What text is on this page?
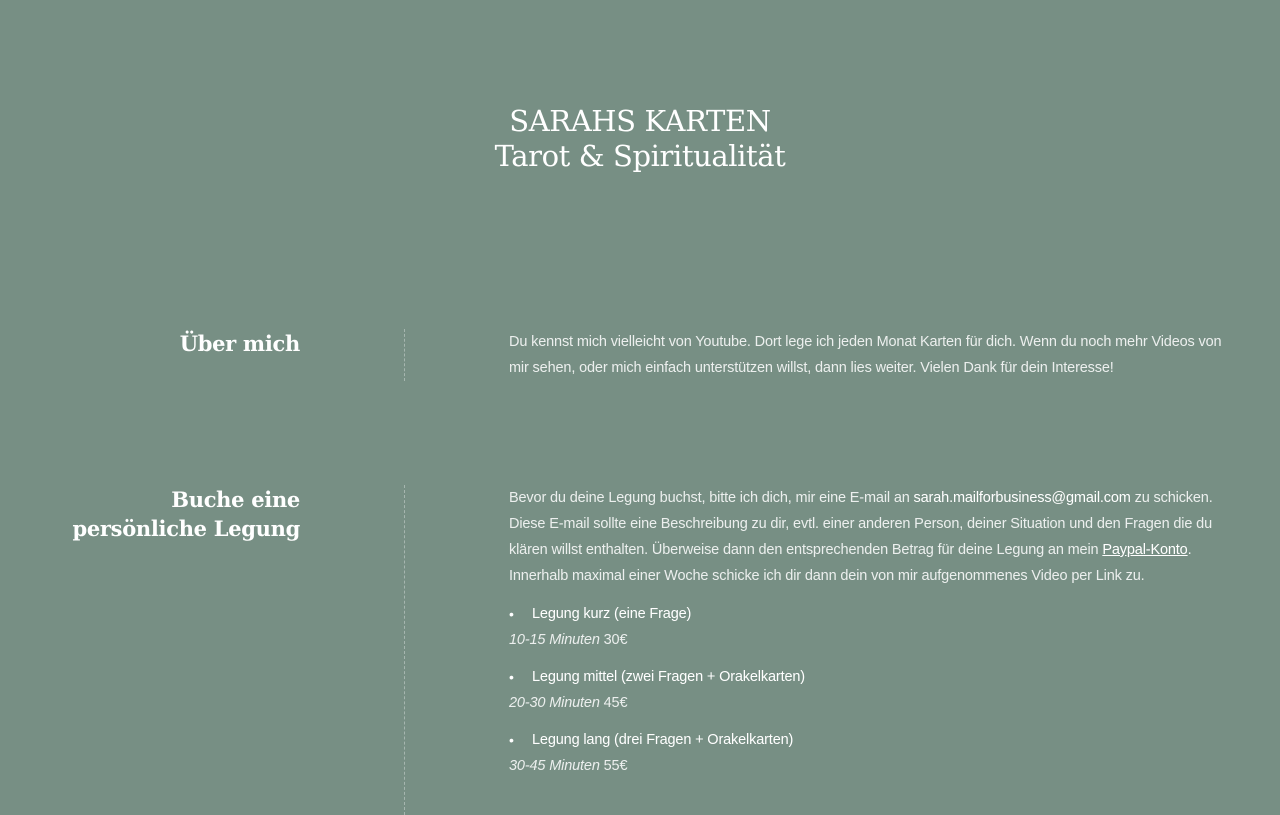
SARAHS KARTEN
Tarot & Spiritualität
Über mich	Du kennst mich vielleicht von Youtube. Dort lege ich jeden Monat Karten für dich. Wenn du noch mehr Videos von mir sehen, oder mich einfach unterstützen willst, dann lies weiter. Vielen Dank für dein Interesse!

Buche eine persönliche Legung

Bevor du deine Legung buchst, bitte ich dich, mir eine E-mail an sarah.mailforbusiness@gmail.com zu schicken. Diese E-mail sollte eine Beschreibung zu dir, evtl. einer anderen Person, deiner Situation und den Fragen die du klären willst enthalten. Überweise dann den entsprechenden Betrag für deine Legung an mein Paypal-Konto. Innerhalb maximal einer Woche schicke ich dir dann dein von mir aufgenommenes Video per Link zu.

• Legung kurz (eine Frage)
10-15 Minuten 30€
• Legung mittel (zwei Fragen + Orakelkarten)
20-30 Minuten 45€
• Legung lang (drei Fragen + Orakelkarten)
30-45 Minuten 55€
